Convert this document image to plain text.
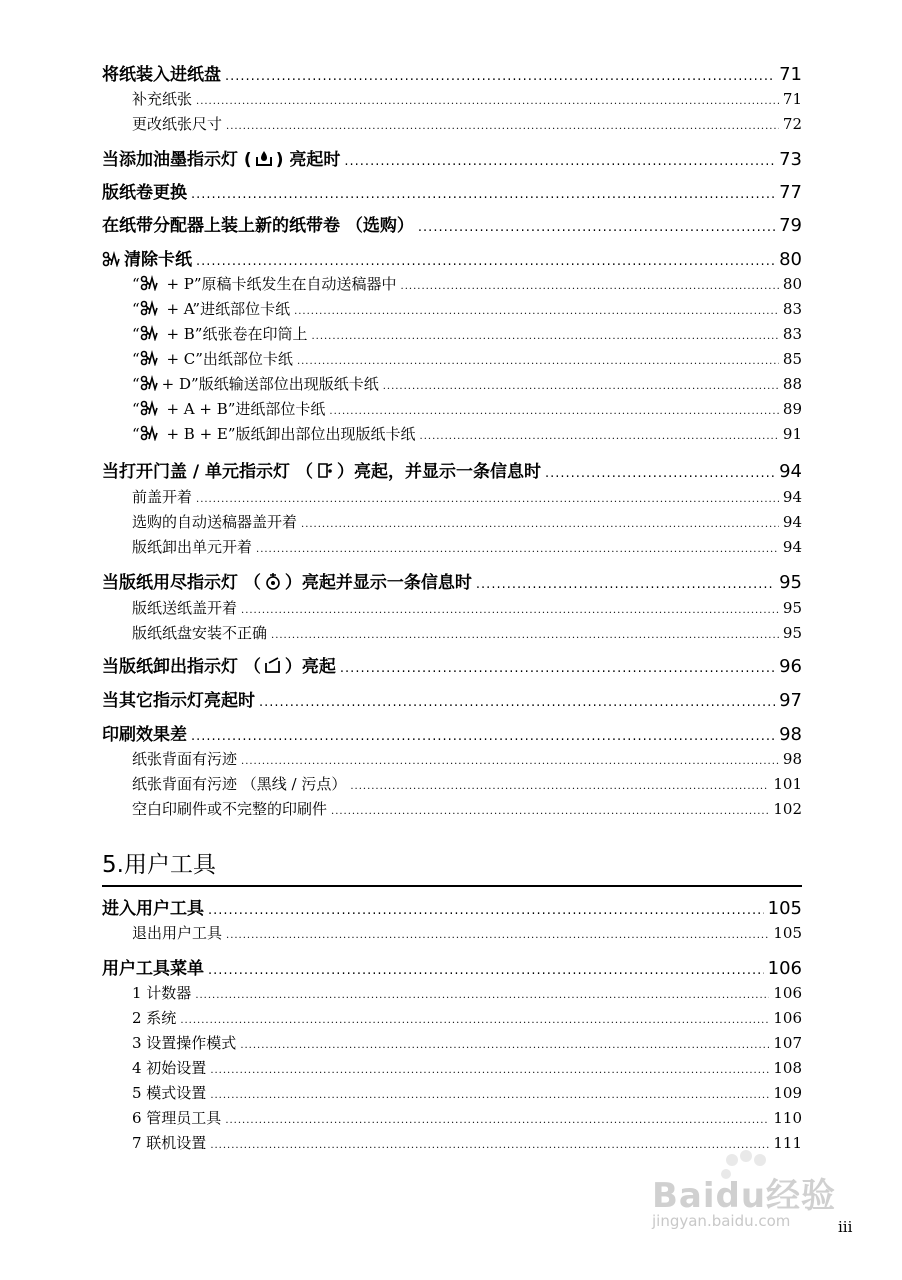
将纸装入进纸盘 .....	71
补充纸张 .....	71
更改纸张尺寸 .....	72
当添加油墨指示灯 ( ) 亮起时 .....	73
版纸卷更换 .....	77
在纸带分配器上装上新的纸带卷 （选购） .....	79
清除卡纸 .....	80
“ + P”原稿卡纸发生在自动送稿器中 .....	80
“ + A”进纸部位卡纸 .....	83
“ + B”纸张卷在印筒上 .....	83
“ + C”出纸部位卡纸 .....	85
“ + D”版纸输送部位出现版纸卡纸 .....	88
“ + A + B”进纸部位卡纸 .....	89
“ + B + E”版纸卸出部位出现版纸卡纸 .....	91
当打开门盖 / 单元指示灯 （ ）亮起，并显示一条信息时 .....	94
前盖开着 .....	94
选购的自动送稿器盖开着 .....	94
版纸卸出单元开着 .....	94
当版纸用尽指示灯 （ ）亮起并显示一条信息时 .....	95
版纸送纸盖开着 .....	95
版纸纸盘安装不正确 .....	95
当版纸卸出指示灯 （ ）亮起 .....	96
当其它指示灯亮起时 .....	97
印刷效果差 .....	98
纸张背面有污迹 .....	98
纸张背面有污迹 （黑线 / 污点） .....	101
空白印刷件或不完整的印刷件 .....	102
5.用户工具
进入用户工具 .....	105
退出用户工具 .....	105
用户工具菜单 .....	106
1 计数器 .....	106
2 系统 .....	106
3 设置操作模式 .....	107
4 初始设置 .....	108
5 模式设置 .....	109
6 管理员工具 .....	110
7 联机设置 .....	111
Baidu经验
jingyan.baidu.com	iii
